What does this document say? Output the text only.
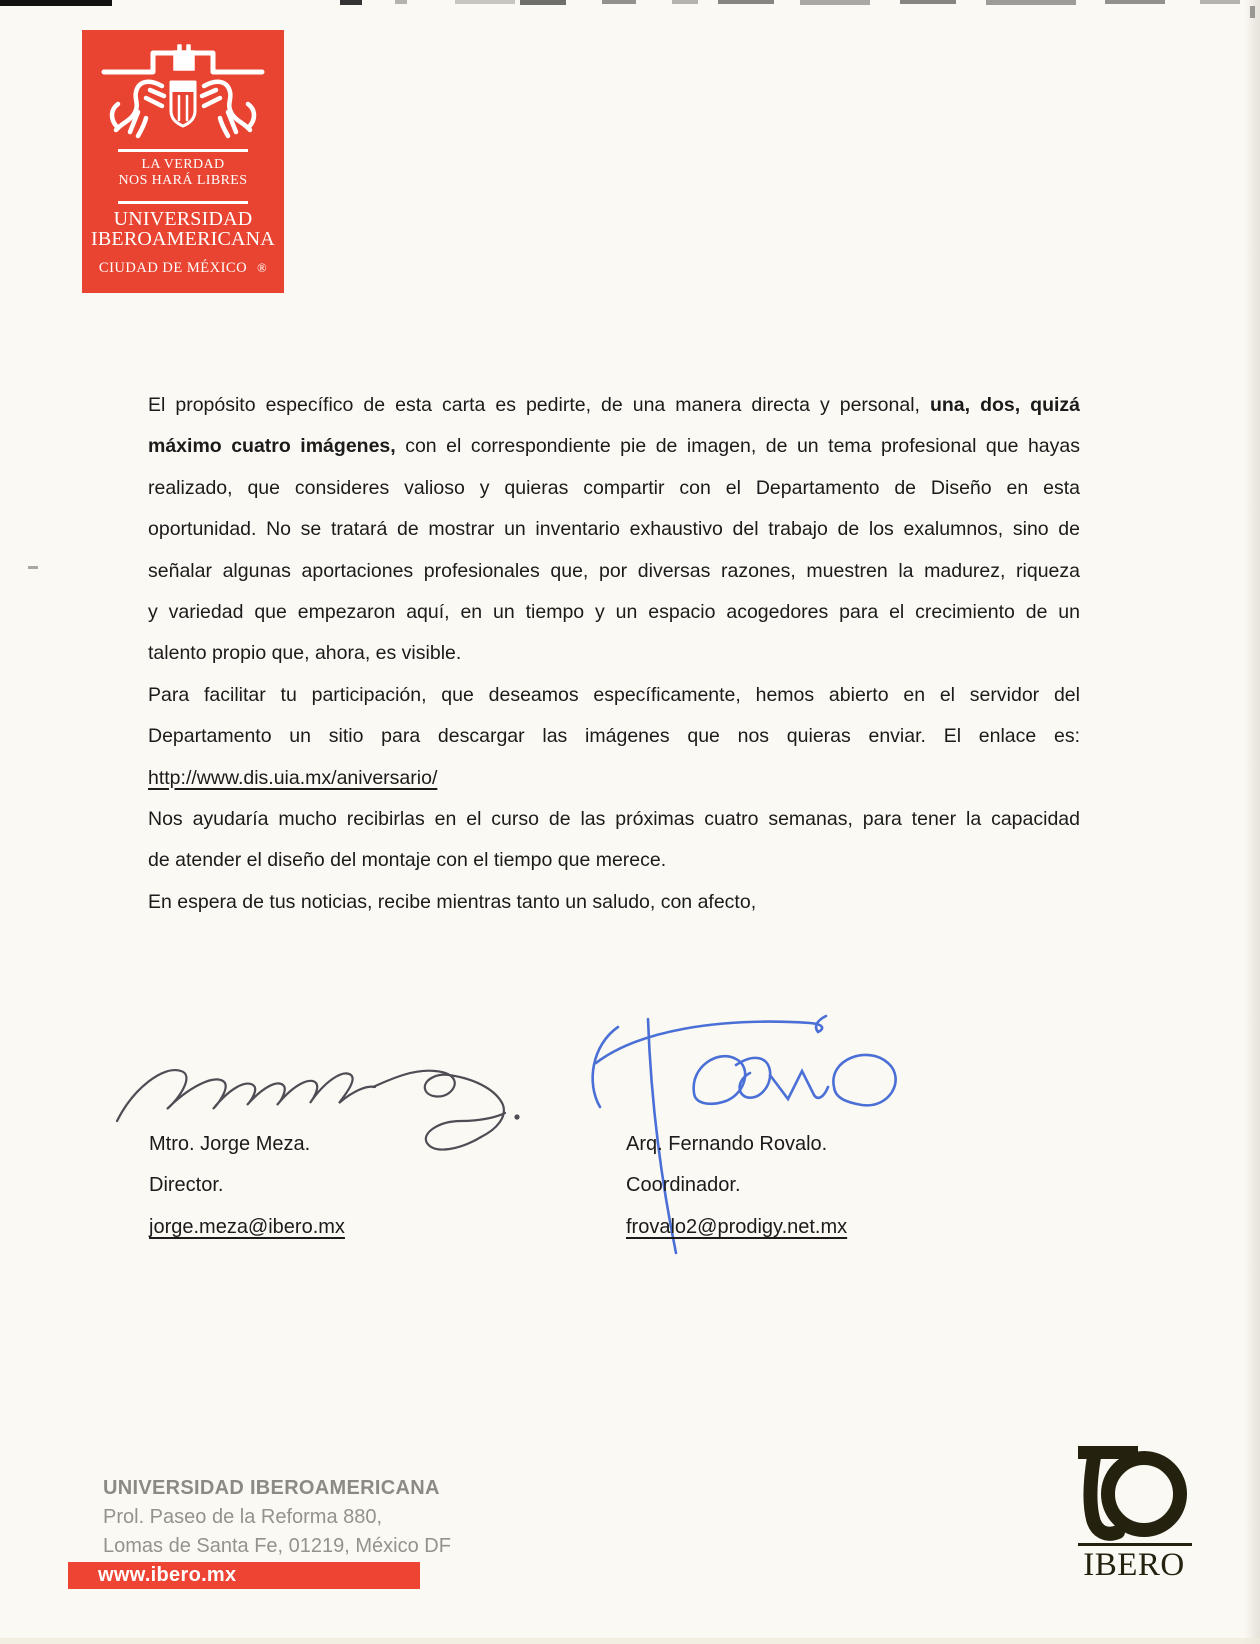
LA VERDAD
NOS HARÁ LIBRES
UNIVERSIDAD
IBEROAMERICANA
CIUDAD DE MÉXICO ®
El propósito específico de esta carta es pedirte, de una manera directa y personal, una, dos, quizá
máximo cuatro imágenes, con el correspondiente pie de imagen, de un tema profesional que hayas
realizado, que consideres valioso y quieras compartir con el Departamento de Diseño en esta
oportunidad. No se tratará de mostrar un inventario exhaustivo del trabajo de los exalumnos, sino de
señalar algunas aportaciones profesionales que, por diversas razones, muestren la madurez, riqueza
y variedad que empezaron aquí, en un tiempo y un espacio acogedores para el crecimiento de un
talento propio que, ahora, es visible.
Para facilitar tu participación, que deseamos específicamente, hemos abierto en el servidor del
Departamento un sitio para descargar las imágenes que nos quieras enviar. El enlace es:
http://www.dis.uia.mx/aniversario/
Nos ayudaría mucho recibirlas en el curso de las próximas cuatro semanas, para tener la capacidad
de atender el diseño del montaje con el tiempo que merece.
En espera de tus noticias, recibe mientras tanto un saludo, con afecto,
Mtro. Jorge Meza.
Director.
jorge.meza@ibero.mx
Arq. Fernando Rovalo.
Coordinador.
frovalo2@prodigy.net.mx
UNIVERSIDAD IBEROAMERICANA
Prol. Paseo de la Reforma 880,
Lomas de Santa Fe, 01219, México DF
www.ibero.mx	IBERO
